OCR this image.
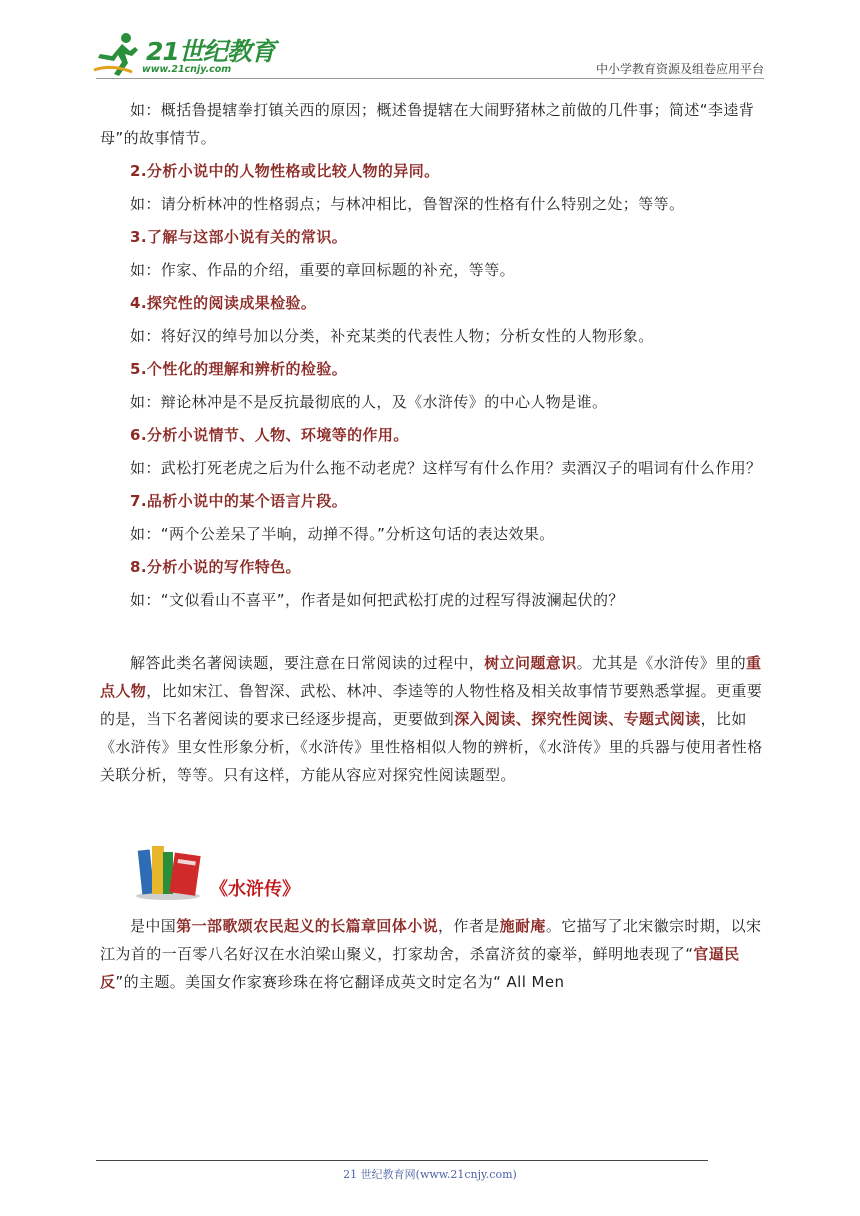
21世纪教育
www.21cnjy.com	中小学教育资源及组卷应用平台

如：概括鲁提辖拳打镇关西的原因；概述鲁提辖在大闹野猪林之前做的几件事；简述“李逵背母”的故事情节。

2.分析小说中的人物性格或比较人物的异同。

如：请分析林冲的性格弱点；与林冲相比，鲁智深的性格有什么特别之处；等等。

3.了解与这部小说有关的常识。

如：作家、作品的介绍，重要的章回标题的补充，等等。

4.探究性的阅读成果检验。

如：将好汉的绰号加以分类，补充某类的代表性人物；分析女性的人物形象。

5.个性化的理解和辨析的检验。

如：辩论林冲是不是反抗最彻底的人，及《水浒传》的中心人物是谁。

6.分析小说情节、人物、环境等的作用。

如：武松打死老虎之后为什么拖不动老虎？这样写有什么作用？卖酒汉子的唱词有什么作用？

7.品析小说中的某个语言片段。

如：“两个公差呆了半晌，动掸不得。”分析这句话的表达效果。

8.分析小说的写作特色。

如：“文似看山不喜平”，作者是如何把武松打虎的过程写得波澜起伏的？

解答此类名著阅读题，要注意在日常阅读的过程中，树立问题意识。尤其是《水浒传》里的重点人物，比如宋江、鲁智深、武松、林冲、李逵等的人物性格及相关故事情节要熟悉掌握。更重要的是，当下名著阅读的要求已经逐步提高，更要做到深入阅读、探究性阅读、专题式阅读，比如《水浒传》里女性形象分析，《水浒传》里性格相似人物的辨析，《水浒传》里的兵器与使用者性格关联分析，等等。只有这样，方能从容应对探究性阅读题型。

《水浒传》

是中国第一部歌颂农民起义的长篇章回体小说，作者是施耐庵。它描写了北宋徽宗时期，以宋江为首的一百零八名好汉在水泊梁山聚义，打家劫舍，杀富济贫的豪举，鲜明地表现了“官逼民反”的主题。美国女作家赛珍珠在将它翻译成英文时定名为“ All Men

21 世纪教育网(www.21cnjy.com)
